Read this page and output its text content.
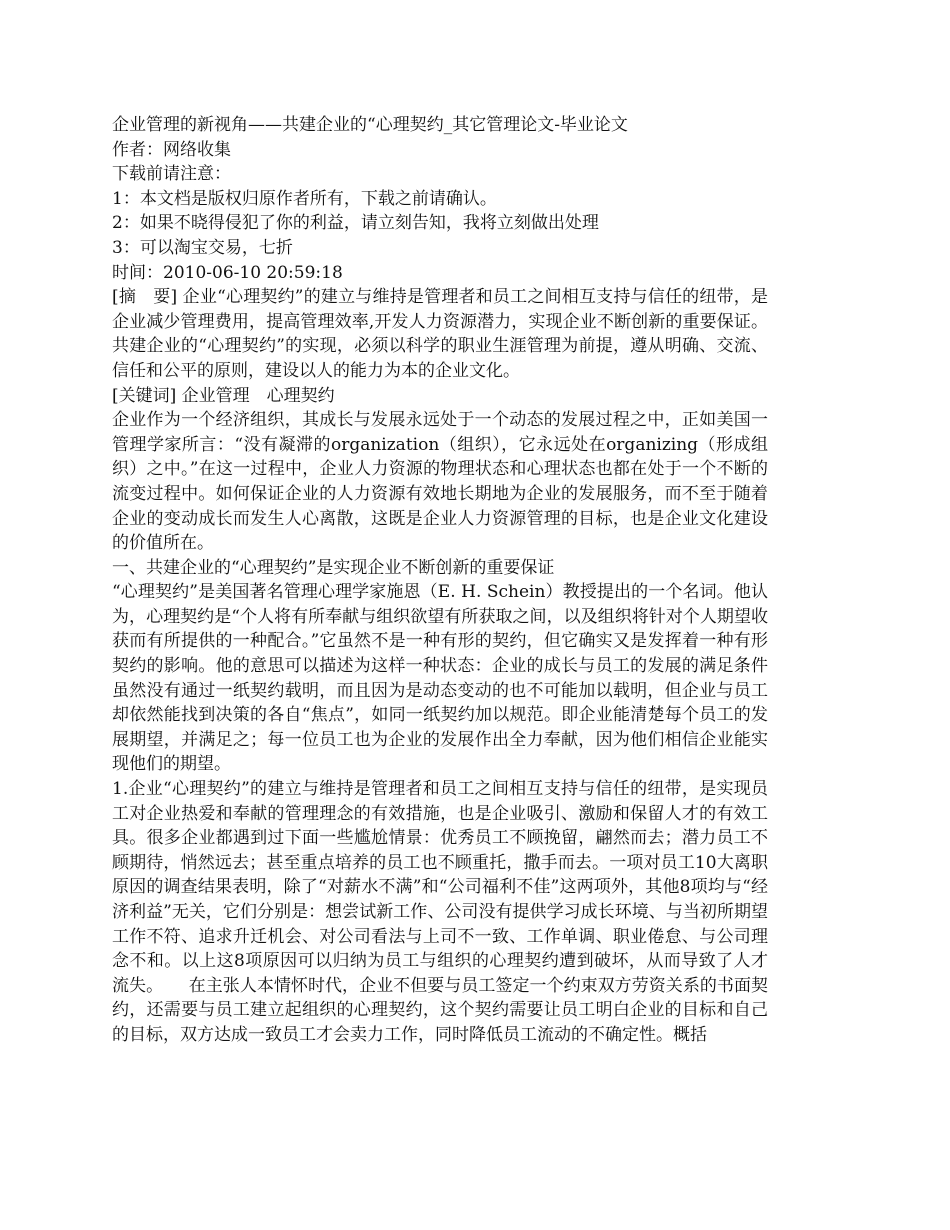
企业管理的新视角——共建企业的“心理契约_其它管理论文-毕业论文
作者：网络收集
下载前请注意：
1：本文档是版权归原作者所有，下载之前请确认。
2：如果不晓得侵犯了你的利益，请立刻告知，我将立刻做出处理
3：可以淘宝交易，七折
时间：2010-06-10 20:59:18

[摘　要] 企业“心理契约”的建立与维持是管理者和员工之间相互支持与信任的纽带，是企业减少管理费用，提高管理效率,开发人力资源潜力，实现企业不断创新的重要保证。共建企业的“心理契约”的实现，必须以科学的职业生涯管理为前提，遵从明确、交流、信任和公平的原则，建设以人的能力为本的企业文化。

[关键词] 企业管理　心理契约

企业作为一个经济组织，其成长与发展永远处于一个动态的发展过程之中，正如美国一管理学家所言：“没有凝滞的organization（组织），它永远处在organizing（形成组织）之中。”在这一过程中，企业人力资源的物理状态和心理状态也都在处于一个不断的流变过程中。如何保证企业的人力资源有效地长期地为企业的发展服务，而不至于随着企业的变动成长而发生人心离散，这既是企业人力资源管理的目标，也是企业文化建设的价值所在。

一、共建企业的“心理契约”是实现企业不断创新的重要保证

“心理契约”是美国著名管理心理学家施恩（E. H. Schein）教授提出的一个名词。他认为，心理契约是“个人将有所奉献与组织欲望有所获取之间，以及组织将针对个人期望收获而有所提供的一种配合。”它虽然不是一种有形的契约，但它确实又是发挥着一种有形契约的影响。他的意思可以描述为这样一种状态：企业的成长与员工的发展的满足条件虽然没有通过一纸契约载明，而且因为是动态变动的也不可能加以载明，但企业与员工却依然能找到决策的各自“焦点”，如同一纸契约加以规范。即企业能清楚每个员工的发展期望，并满足之；每一位员工也为企业的发展作出全力奉献，因为他们相信企业能实现他们的期望。

1.企业“心理契约”的建立与维持是管理者和员工之间相互支持与信任的纽带，是实现员工对企业热爱和奉献的管理理念的有效措施，也是企业吸引、激励和保留人才的有效工具。很多企业都遇到过下面一些尴尬情景：优秀员工不顾挽留，翩然而去；潜力员工不顾期待，悄然远去；甚至重点培养的员工也不顾重托，撒手而去。一项对员工10大离职原因的调查结果表明，除了“对薪水不满”和“公司福利不佳”这两项外，其他8项均与“经济利益”无关，它们分别是：想尝试新工作、公司没有提供学习成长环境、与当初所期望工作不符、追求升迁机会、对公司看法与上司不一致、工作单调、职业倦怠、与公司理念不和。以上这8项原因可以归纳为员工与组织的心理契约遭到破坏，从而导致了人才流失。　　在主张人本情怀时代，企业不但要与员工签定一个约束双方劳资关系的书面契约，还需要与员工建立起组织的心理契约，这个契约需要让员工明白企业的目标和自己的目标，双方达成一致员工才会卖力工作，同时降低员工流动的不确定性。概括
